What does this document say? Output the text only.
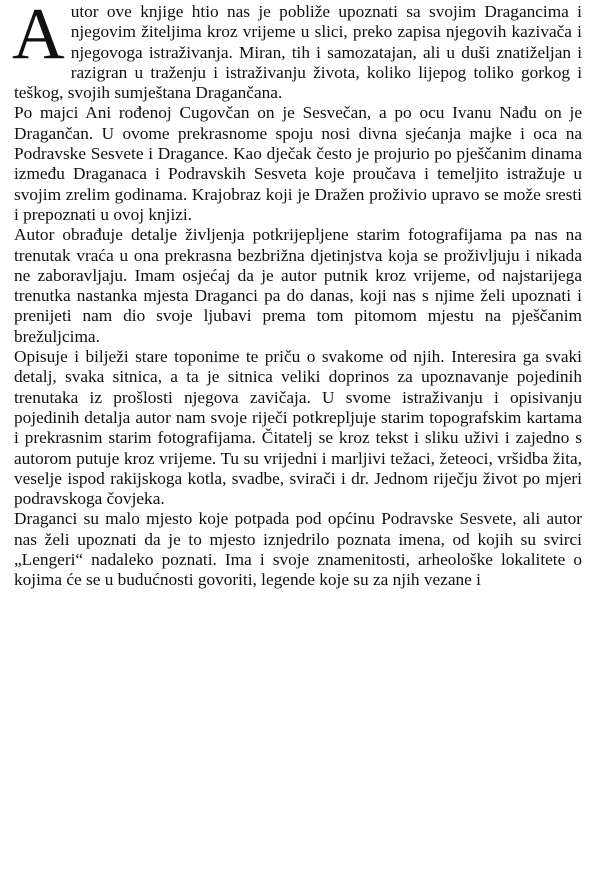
Autor ove knjige htio nas je pobliže upoznati sa svojim Dragancima i njegovim žiteljima kroz vrijeme u slici, preko zapisa njegovih kazivača i njegovoga istraživanja. Miran, tih i samozatajan, ali u duši znatiželjan i razigran u traženju i istraživanju života, koliko lijepog toliko gorkog i teškog, svojih sumještana Dragančana.

Po majci Ani rođenoj Cugovčan on je Sesvečan, a po ocu Ivanu Nađu on je Dragančan. U ovome prekrasnome spoju nosi divna sjećanja majke i oca na Podravske Sesvete i Dragance. Kao dječak često je projurio po pješčanim dinama između Draganaca i Podravskih Sesveta koje proučava i temeljito istražuje u svojim zrelim godinama. Krajobraz koji je Dražen proživio upravo se može sresti i prepoznati u ovoj knjizi.

Autor obrađuje detalje življenja potkrijepljene starim fotografijama pa nas na trenutak vraća u ona prekrasna bezbrižna djetinjstva koja se proživljuju i nikada ne zaboravljaju. Imam osjećaj da je autor putnik kroz vrijeme, od najstarijega trenutka nastanka mjesta Draganci pa do danas, koji nas s njime želi upoznati i prenijeti nam dio svoje ljubavi prema tom pitomom mjestu na pješčanim brežuljcima.

Opisuje i bilježi stare toponime te priču o svakome od njih. Interesira ga svaki detalj, svaka sitnica, a ta je sitnica veliki doprinos za upoznavanje pojedinih trenutaka iz prošlosti njegova zavičaja. U svome istraživanju i opisivanju pojedinih detalja autor nam svoje riječi potkrepljuje starim topografskim kartama i prekrasnim starim fotografijama. Čitatelj se kroz tekst i sliku uživi i zajedno s autorom putuje kroz vrijeme. Tu su vrijedni i marljivi težaci, žeteoci, vršidba žita, veselje ispod rakijskoga kotla, svadbe, svirači i dr. Jednom riječju život po mjeri podravskoga čovjeka.

Draganci su malo mjesto koje potpada pod općinu Podravske Sesvete, ali autor nas želi upoznati da je to mjesto iznjedrilo poznata imena, od kojih su svirci „Lengeri“ nadaleko poznati. Ima i svoje znamenitosti, arheološke lokalitete o kojima će se u budućnosti govoriti, legende koje su za njih vezane i
